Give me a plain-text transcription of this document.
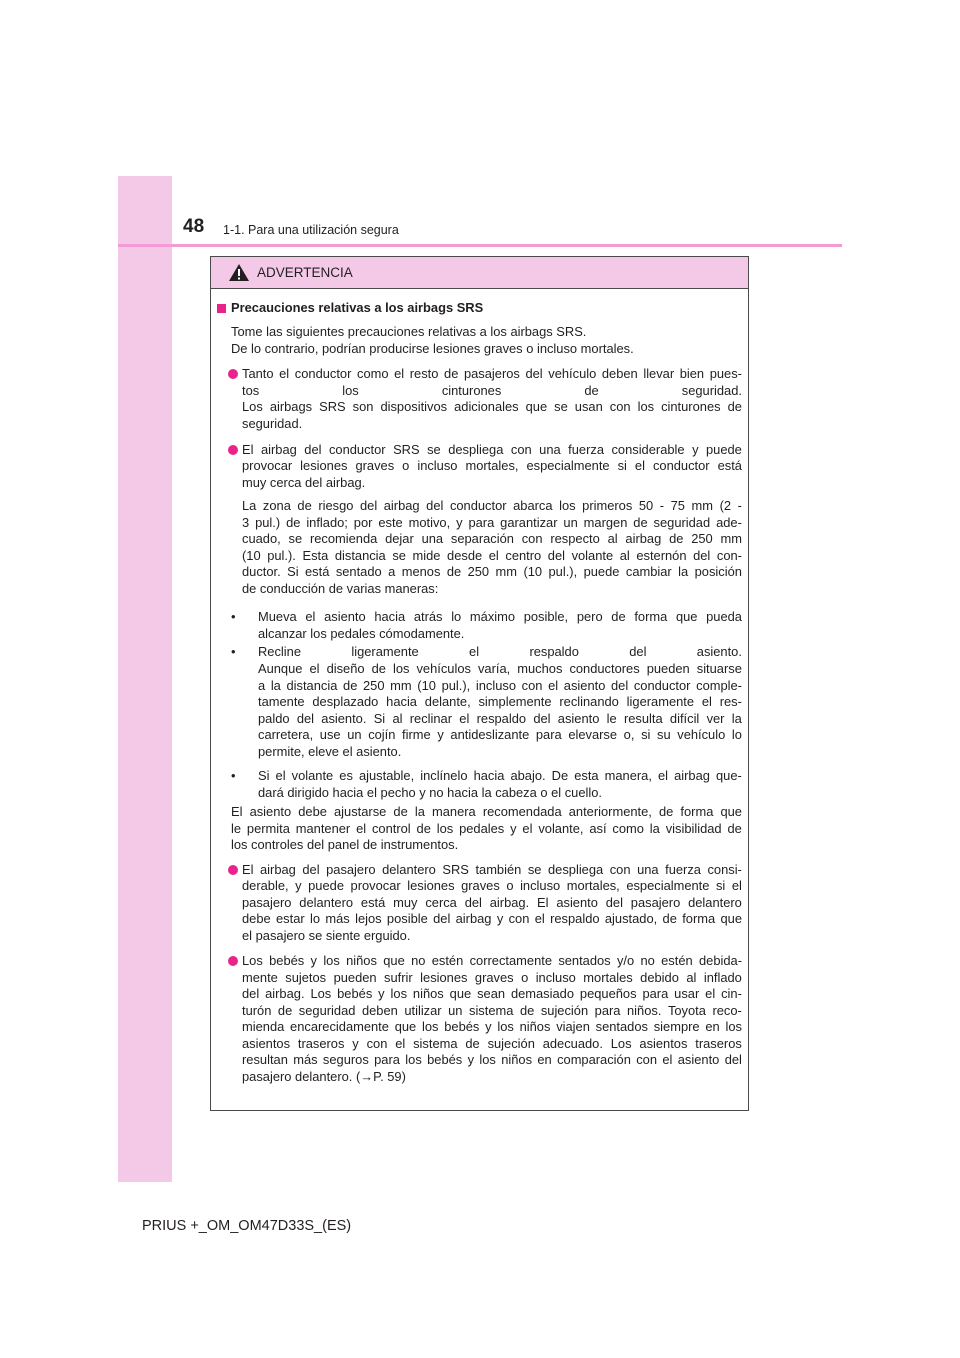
48 1-1. Para una utilización segura
ADVERTENCIA
Precauciones relativas a los airbags SRS
•
•
•
Tome las siguientes precauciones relativas a los airbags SRS.
De lo contrario, podrían producirse lesiones graves o incluso mortales.
Tanto el conductor como el resto de pasajeros del vehículo deben llevar bien pues-
tos	los	cinturones	de	seguridad.
Los airbags SRS son dispositivos adicionales que se usan con los cinturones de
seguridad.
El airbag del conductor SRS se despliega con una fuerza considerable y puede
provocar lesiones graves o incluso mortales, especialmente si el conductor está
muy cerca del airbag.
La zona de riesgo del airbag del conductor abarca los primeros 50 - 75 mm (2 -
3 pul.) de inflado; por este motivo, y para garantizar un margen de seguridad ade-
cuado, se recomienda dejar una separación con respecto al airbag de 250 mm
(10 pul.). Esta distancia se mide desde el centro del volante al esternón del con-
ductor. Si está sentado a menos de 250 mm (10 pul.), puede cambiar la posición
de conducción de varias maneras:
Mueva el asiento hacia atrás lo máximo posible, pero de forma que pueda
alcanzar los pedales cómodamente.
Recline	ligeramente	el	respaldo	del	asiento.
Aunque el diseño de los vehículos varía, muchos conductores pueden situarse
a la distancia de 250 mm (10 pul.), incluso con el asiento del conductor comple-
tamente desplazado hacia delante, simplemente reclinando ligeramente el res-
paldo del asiento. Si al reclinar el respaldo del asiento le resulta difícil ver la
carretera, use un cojín firme y antideslizante para elevarse o, si su vehículo lo
permite, eleve el asiento.
Si el volante es ajustable, inclínelo hacia abajo. De esta manera, el airbag que-
dará dirigido hacia el pecho y no hacia la cabeza o el cuello.
El asiento debe ajustarse de la manera recomendada anteriormente, de forma que
le permita mantener el control de los pedales y el volante, así como la visibilidad de
los controles del panel de instrumentos.
El airbag del pasajero delantero SRS también se despliega con una fuerza consi-
derable, y puede provocar lesiones graves o incluso mortales, especialmente si el
pasajero delantero está muy cerca del airbag. El asiento del pasajero delantero
debe estar lo más lejos posible del airbag y con el respaldo ajustado, de forma que
el pasajero se siente erguido.
Los bebés y los niños que no estén correctamente sentados y/o no estén debida-
mente sujetos pueden sufrir lesiones graves o incluso mortales debido al inflado
del airbag. Los bebés y los niños que sean demasiado pequeños para usar el cin-
turón de seguridad deben utilizar un sistema de sujeción para niños. Toyota reco-
mienda encarecidamente que los bebés y los niños viajen sentados siempre en los
asientos traseros y con el sistema de sujeción adecuado. Los asientos traseros
resultan más seguros para los bebés y los niños en comparación con el asiento del
pasajero delantero. (→P. 59)
PRIUS +_OM_OM47D33S_(ES)
